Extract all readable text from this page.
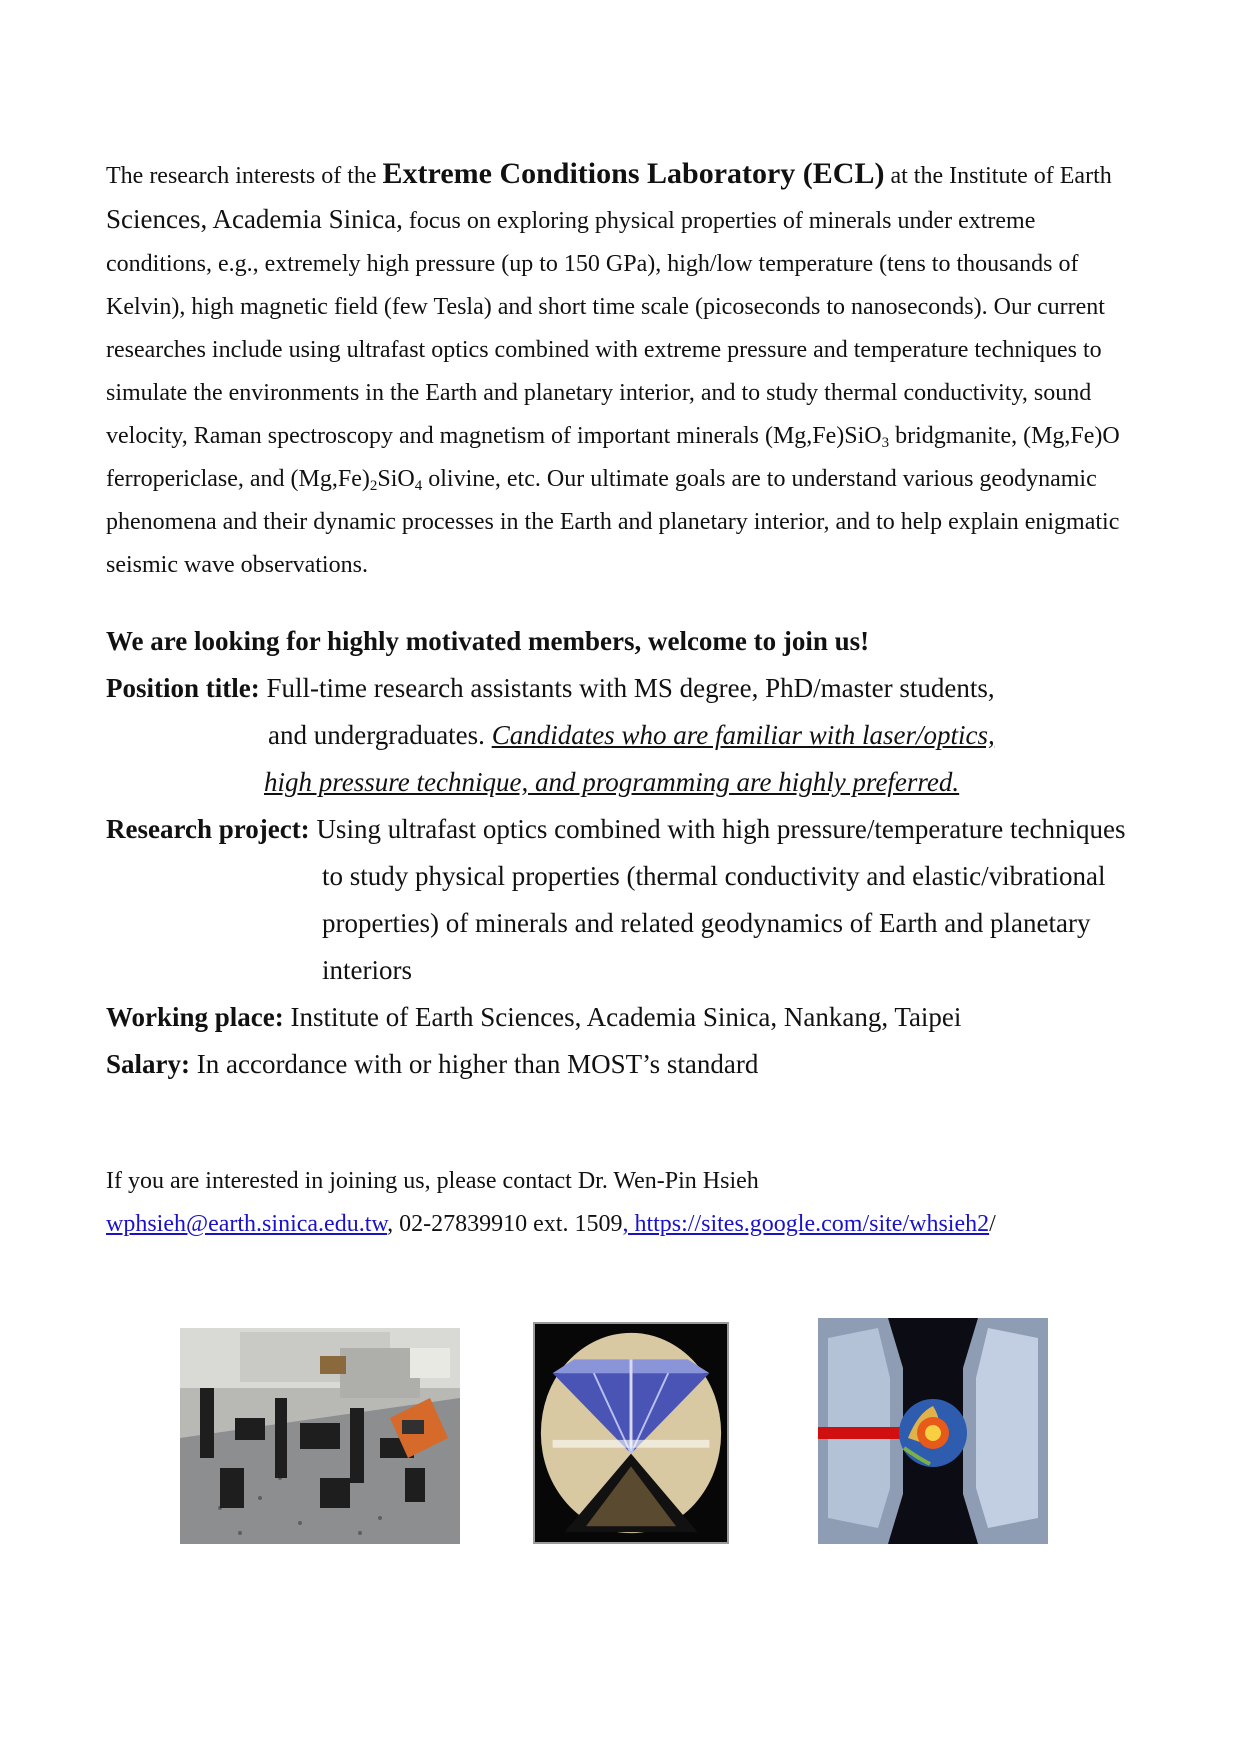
The research interests of the Extreme Conditions Laboratory (ECL) at the Institute of Earth Sciences, Academia Sinica, focus on exploring physical properties of minerals under extreme conditions, e.g., extremely high pressure (up to 150 GPa), high/low temperature (tens to thousands of Kelvin), high magnetic field (few Tesla) and short time scale (picoseconds to nanoseconds). Our current researches include using ultrafast optics combined with extreme pressure and temperature techniques to simulate the environments in the Earth and planetary interior, and to study thermal conductivity, sound velocity, Raman spectroscopy and magnetism of important minerals (Mg,Fe)SiO$_3$ bridgmanite, (Mg,Fe)O ferropericlase, and $(Mg,Fe)_2SiO_4$ olivine, etc. Our ultimate goals are to understand various geodynamic phenomena and their dynamic processes in the Earth and planetary interior, and to help explain enigmatic seismic wave observations.

We are looking for highly motivated members, welcome to join us!
Position title: Full-time research assistants with MS degree, PhD/master students,
and undergraduates. Candidates who are familiar with laser/optics,
high pressure technique, and programming are highly preferred.
Research project: Using ultrafast optics combined with high pressure/temperature techniques
to study physical properties (thermal conductivity and elastic/vibrational
properties) of minerals and related geodynamics of Earth and planetary
interiors
Working place: Institute of Earth Sciences, Academia Sinica, Nankang, Taipei
Salary: In accordance with or higher than MOST’s standard
If you are interested in joining us, please contact Dr. Wen-Pin Hsieh
wphsieh@earth.sinica.edu.tw, 02-27839910 ext. 1509, https://sites.google.com/site/whsieh2/
